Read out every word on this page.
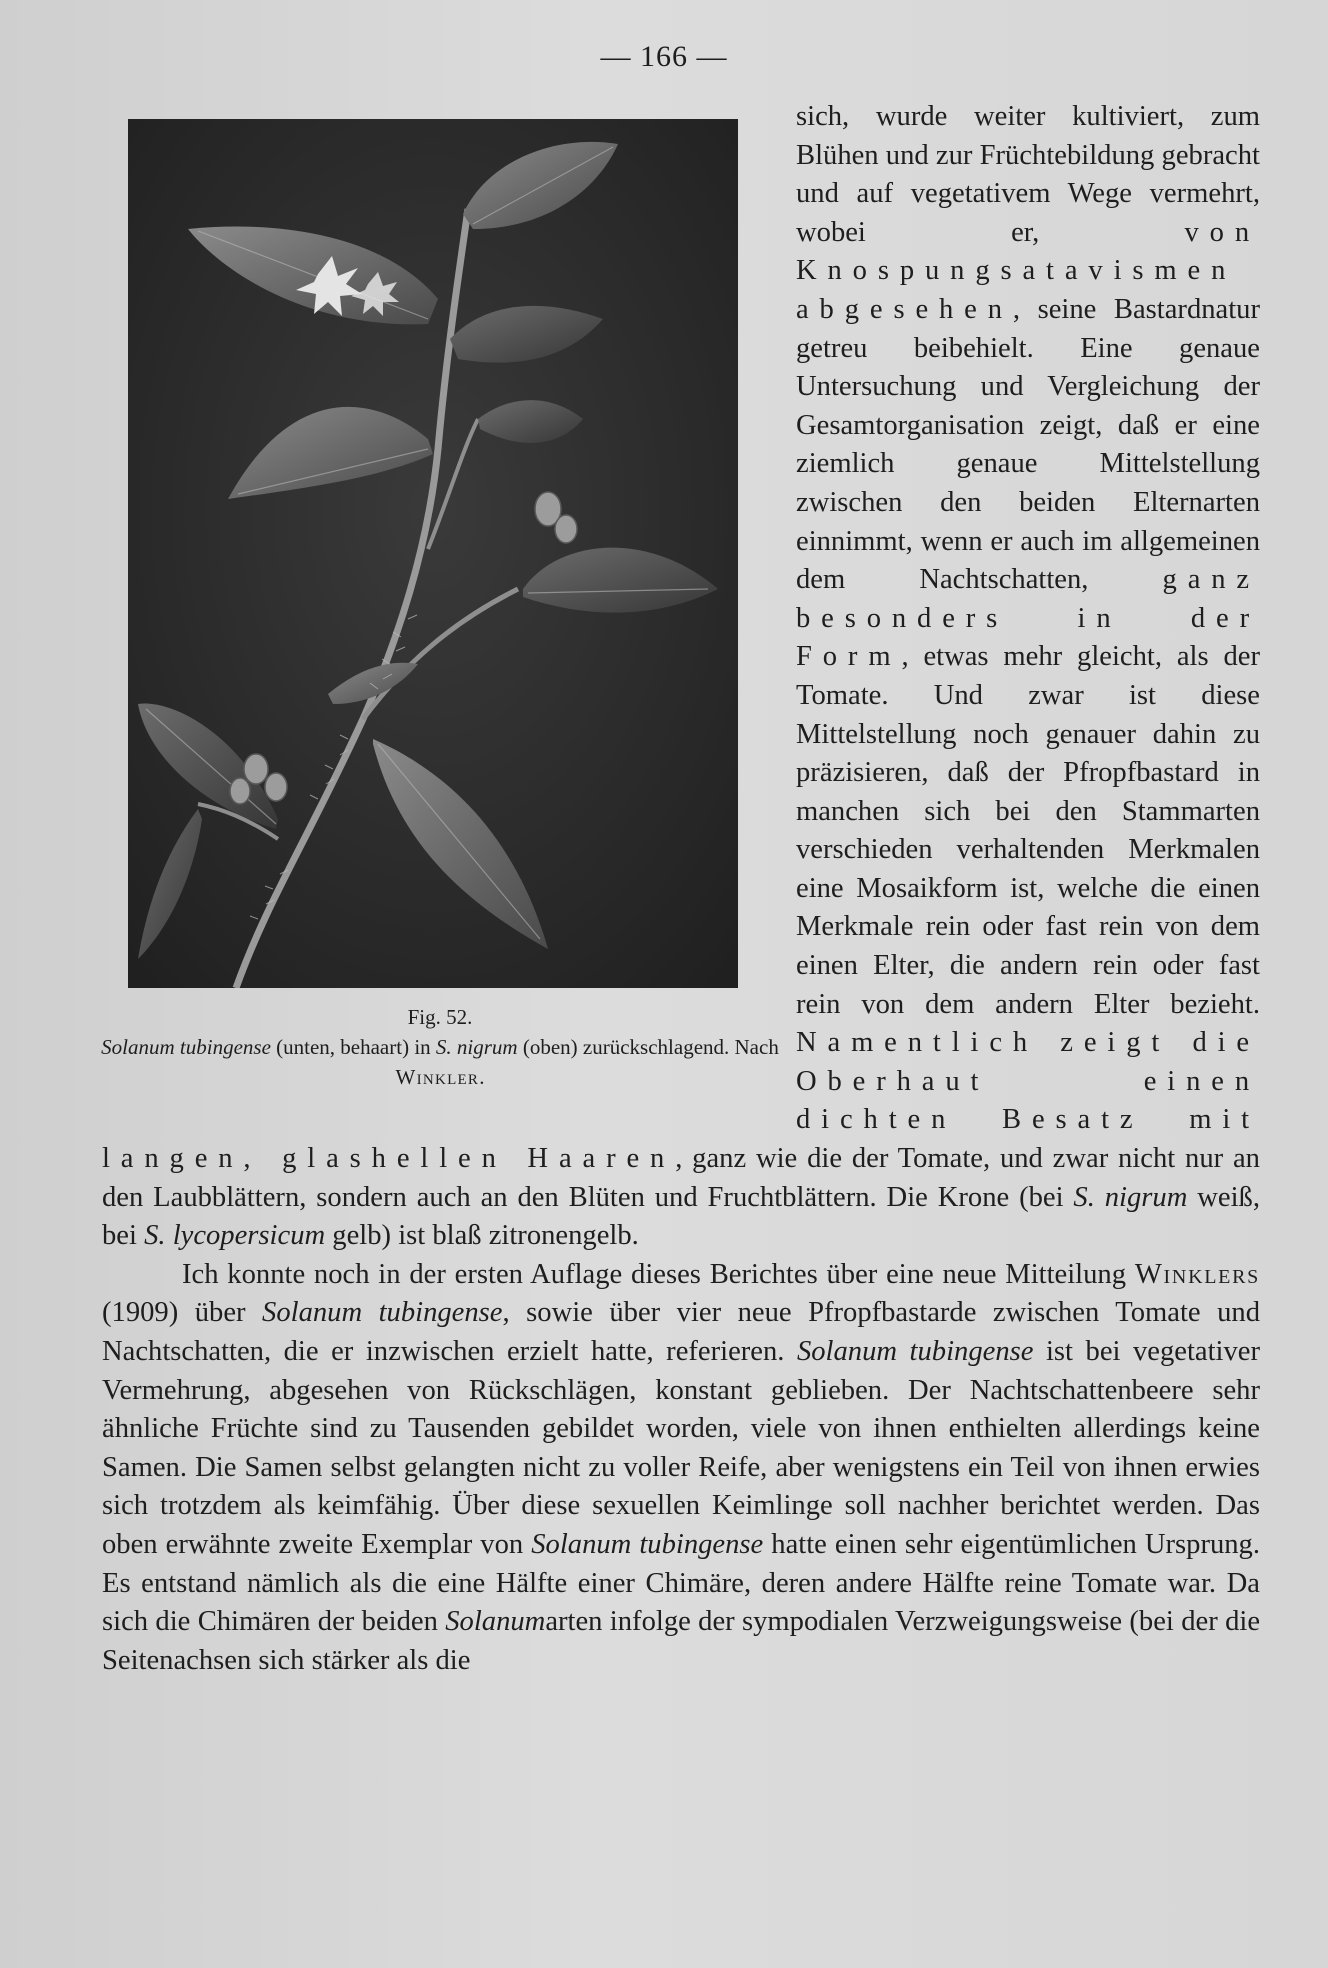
— 166 —
Fig. 52.
Solanum tubingense (unten, behaart) in S. nigrum (oben) zurückschlagend. Nach Winkler.

sich, wurde weiter kultiviert, zum Blühen und zur Früchtebildung gebracht und auf vegetativem Wege vermehrt, wobei er, von Knospungsatavismen abgesehen, seine Bastardnatur getreu beibehielt. Eine genaue Untersuchung und Vergleichung der Gesamtorganisation zeigt, daß er eine ziemlich genaue Mittelstellung zwischen den beiden Elternarten einnimmt, wenn er auch im allgemeinen dem Nachtschatten, ganz besonders in der Form, etwas mehr gleicht, als der Tomate. Und zwar ist diese Mittelstellung noch genauer dahin zu präzisieren, daß der Pfropfbastard in manchen sich bei den Stammarten verschieden verhaltenden Merkmalen eine Mosaikform ist, welche die einen Merkmale rein oder fast rein von dem einen Elter, die andern rein oder fast rein von dem andern Elter bezieht. Namentlich zeigt die Oberhaut einen dichten Besatz mit langen, glashellen Haaren, ganz wie die der Tomate, und zwar nicht nur an den Laubblättern, sondern auch an den Blüten und Fruchtblättern. Die Krone (bei S. nigrum weiß, bei S. lycopersicum gelb) ist blaß zitronengelb.

Ich konnte noch in der ersten Auflage dieses Berichtes über eine neue Mitteilung Winklers (1909) über Solanum tubingense, sowie über vier neue Pfropfbastarde zwischen Tomate und Nachtschatten, die er inzwischen erzielt hatte, referieren. Solanum tubingense ist bei vegetativer Vermehrung, abgesehen von Rückschlägen, konstant geblieben. Der Nachtschattenbeere sehr ähnliche Früchte sind zu Tausenden gebildet worden, viele von ihnen enthielten allerdings keine Samen. Die Samen selbst gelangten nicht zu voller Reife, aber wenigstens ein Teil von ihnen erwies sich trotzdem als keimfähig. Über diese sexuellen Keimlinge soll nachher berichtet werden. Das oben erwähnte zweite Exemplar von Solanum tubingense hatte einen sehr eigentümlichen Ursprung. Es entstand nämlich als die eine Hälfte einer Chimäre, deren andere Hälfte reine Tomate war. Da sich die Chimären der beiden Solanumarten infolge der sympodialen Verzweigungsweise (bei der die Seitenachsen sich stärker als die
